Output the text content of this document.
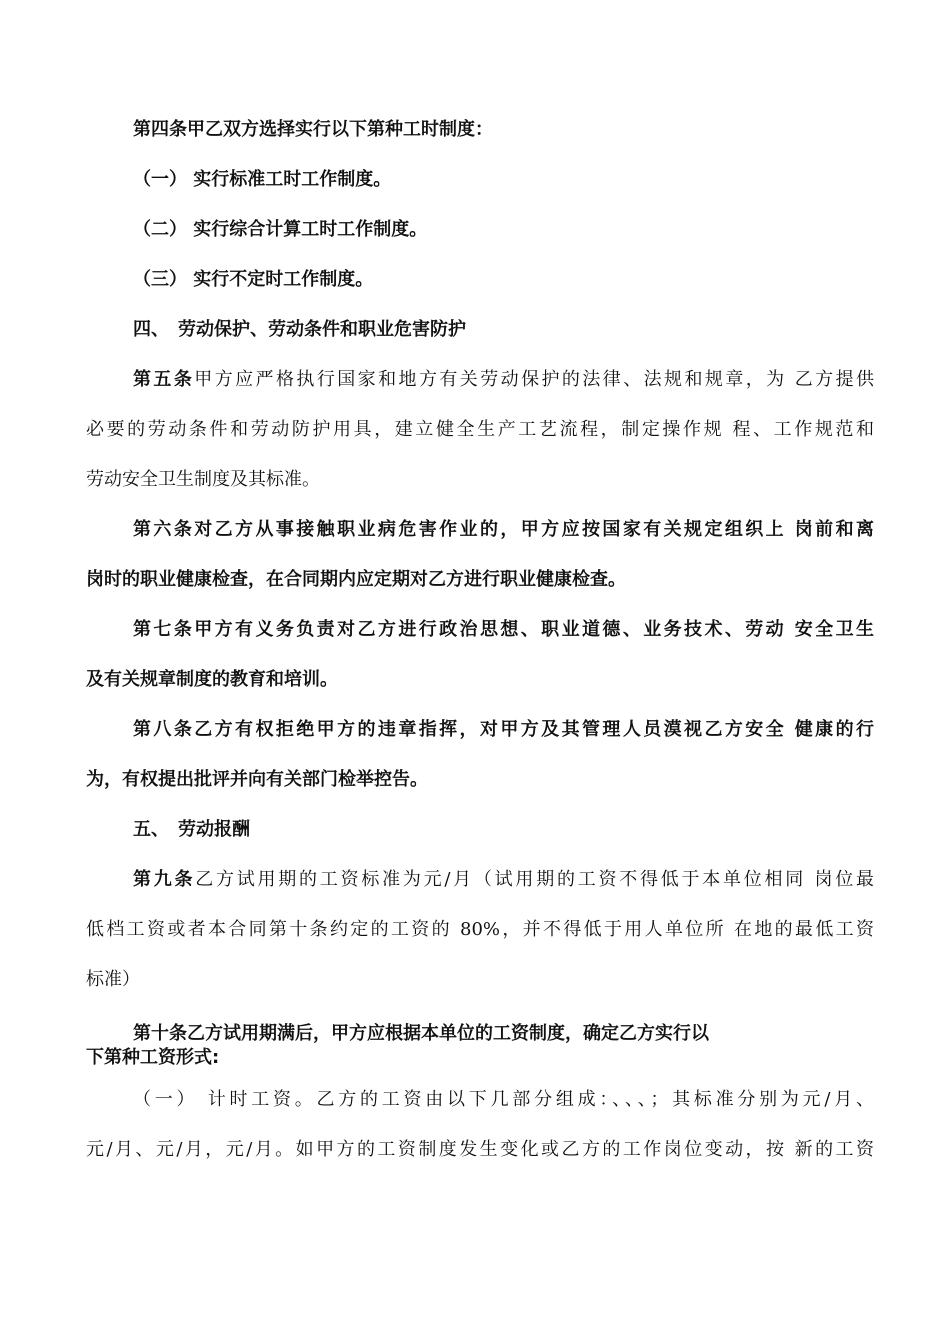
第四条甲乙双方选择实行以下第种工时制度：
（一） 实行标准工时工作制度。
（二） 实行综合计算工时工作制度。
（三） 实行不定时工作制度。
四、　劳动保护、劳动条件和职业危害防护
第五条甲方应严格执行国家和地方有关劳动保护的法律、法规和规章，为 乙方提供
必要的劳动条件和劳动防护用具，建立健全生产工艺流程，制定操作规 程、工作规范和
劳动安全卫生制度及其标准。
第六条对乙方从事接触职业病危害作业的，甲方应按国家有关规定组织上 岗前和离
岗时的职业健康检查，在合同期内应定期对乙方进行职业健康检查。
第七条甲方有义务负责对乙方进行政治思想、职业道德、业务技术、劳动 安全卫生
及有关规章制度的教育和培训。
第八条乙方有权拒绝甲方的违章指挥，对甲方及其管理人员漠视乙方安全 健康的行
为，有权提出批评并向有关部门检举控告。
五、　劳动报酬
第九条乙方试用期的工资标准为元/月（试用期的工资不得低于本单位相同 岗位最
低档工资或者本合同第十条约定的工资的 80%，并不得低于用人单位所 在地的最低工资
标准）
第十条乙方试用期满后，甲方应根据本单位的工资制度，确定乙方实行以
下第种工资形式:
（一） 计时工资。乙方的工资由以下几部分组成：、、、；其标准分别为元/月、
元/月、元/月，元/月。如甲方的工资制度发生变化或乙方的工作岗位变动，按 新的工资
